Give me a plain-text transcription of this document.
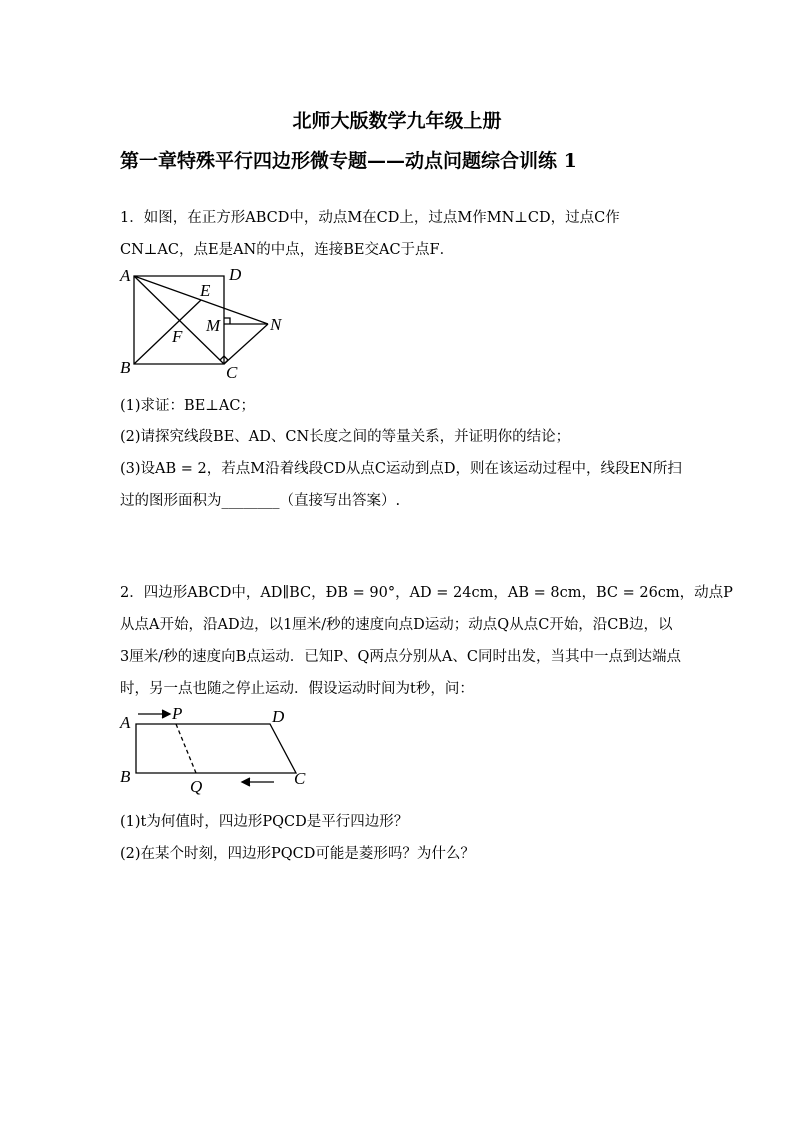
北师大版数学九年级上册
第一章特殊平行四边形微专题——动点问题综合训练 1

1．如图，在正方形ABCD中，动点M在CD上，过点M作MN⊥CD，过点C作

CN⊥AC，点E是AN的中点，连接BE交AC于点F．

A	D
E
M	N
F
B	C

(1)求证：BE⊥AC；

(2)请探究线段BE、AD、CN长度之间的等量关系，并证明你的结论；

(3)设AB = 2，若点M沿着线段CD从点C运动到点D，则在该运动过程中，线段EN所扫

过的图形面积为________（直接写出答案）.

2．四边形ABCD中，AD∥BC，ÐB = 90°，AD = 24cm，AB = 8cm，BC = 26cm，动点P

从点A开始，沿AD边，以1厘米/秒的速度向点D运动；动点Q从点C开始，沿CB边，以

3厘米/秒的速度向B点运动．已知P、Q两点分别从A、C同时出发，当其中一点到达端点

时，另一点也随之停止运动．假设运动时间为t秒，问：

A P	D
B
Q	C

(1)t为何值时，四边形PQCD是平行四边形？

(2)在某个时刻，四边形PQCD可能是菱形吗？为什么？
